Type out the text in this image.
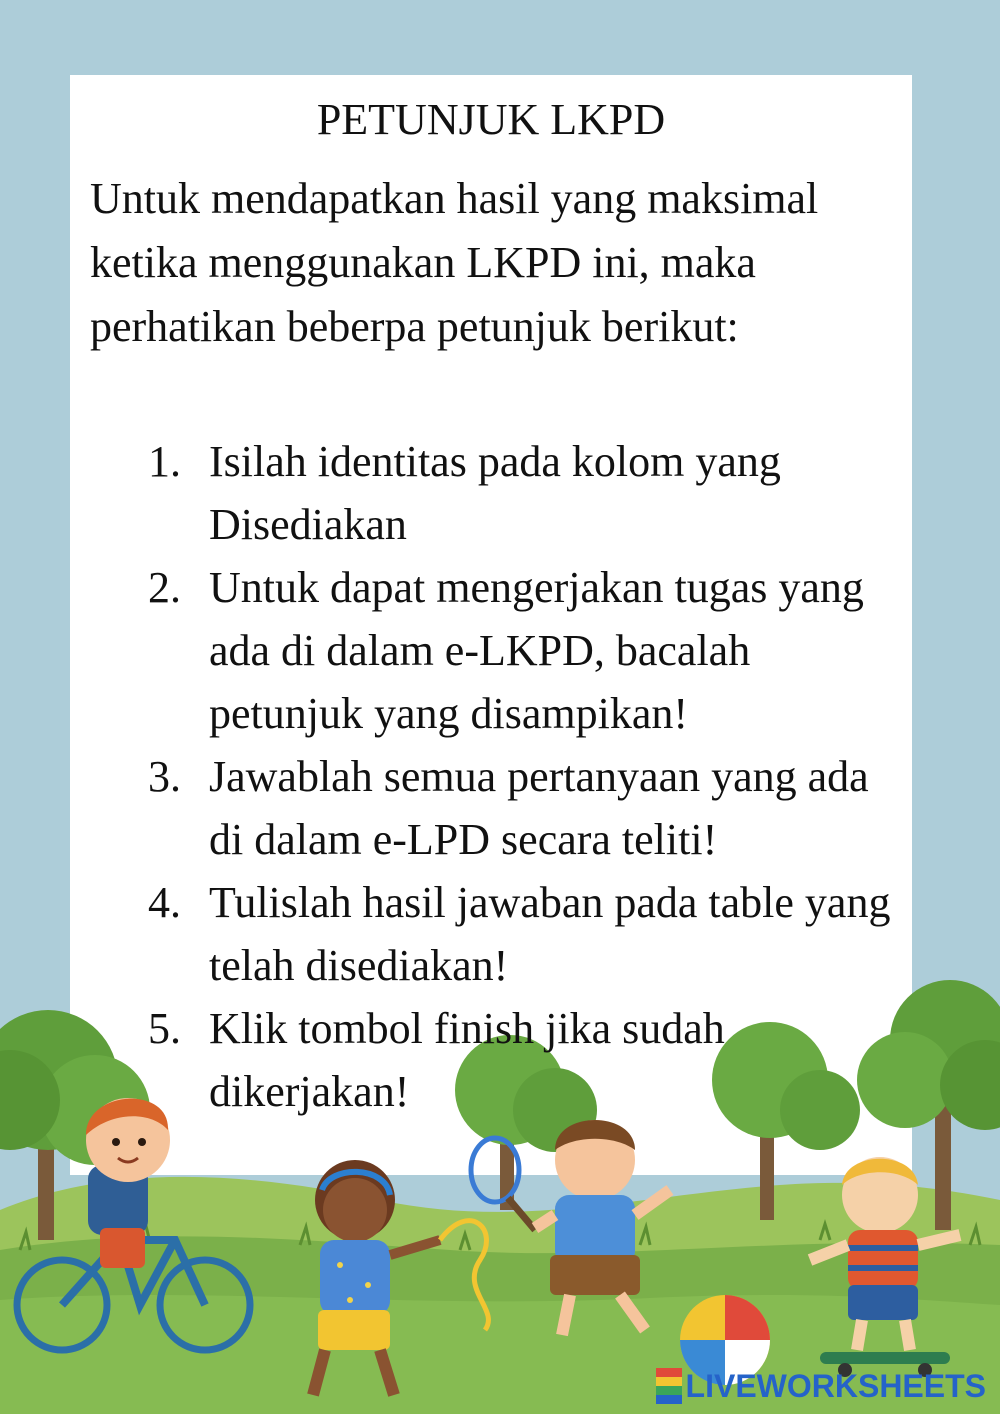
PETUNJUK LKPD

Untuk mendapatkan hasil yang maksimal ketika menggunakan LKPD ini, maka perhatikan beberpa petunjuk berikut:

1. Isilah identitas pada kolom yang Disediakan
2. Untuk dapat mengerjakan tugas yang ada di dalam e-LKPD, bacalah petunjuk yang disampikan!
3. Jawablah semua pertanyaan yang ada di dalam e-LPD secara teliti!
4. Tulislah hasil jawaban pada table yang telah disediakan!
5. Klik tombol finish jika sudah dikerjakan!
LIVEWORKSHEETS
